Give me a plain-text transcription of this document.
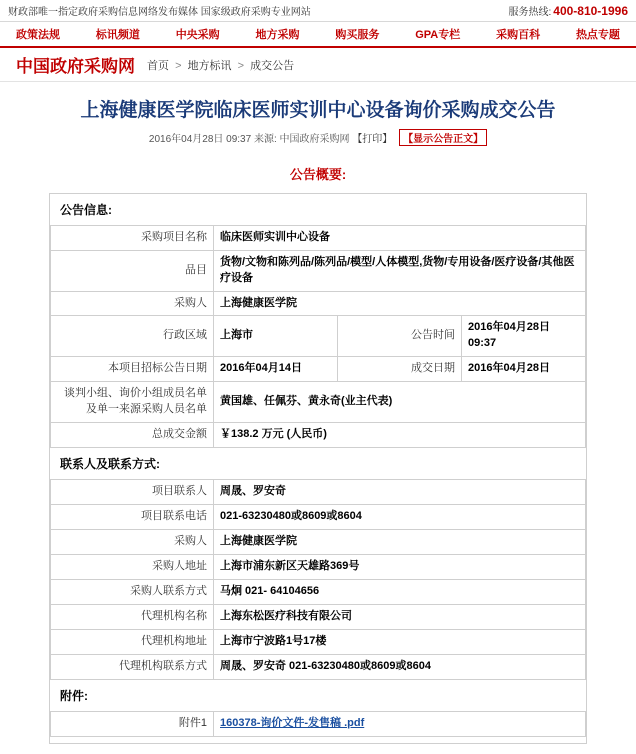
财政部唯一指定政府采购信息网络发布媒体 国家级政府采购专业网站	服务热线: 400-810-1996
政策法规	标讯频道	中央采购	地方采购	购买服务	GPA专栏	采购百科	热点专题
中国政府采购网 首页 > 地方标讯 > 成交公告
上海健康医学院临床医师实训中心设备询价采购成交公告
2016年04月28日 09:37 来源: 中国政府采购网 【打印】 【显示公告正文】
公告概要:
公告信息:
采购项目名称	临床医师实训中心设备		
品目	货物/文物和陈列品/陈列品/模型/人体模型,货物/专用设备/医疗设备/其他医疗设备		
采购人	上海健康医学院		
行政区域	上海市	公告时间	2016年04月28日 09:37
本项目招标公告日期	2016年04月14日	成交日期	2016年04月28日
谈判小组、询价小组成员名单及单一来源采购人员名单	黄国雄、任佩芬、黄永奇(业主代表)		
总成交金额	￥138.2 万元 (人民币)		
联系人及联系方式:
项目联系人	周晟、罗安奇
项目联系电话	021-63230480或8609或8604
采购人	上海健康医学院
采购人地址	上海市浦东新区天雄路369号
采购人联系方式	马炯 021- 64104656
代理机构名称	上海东松医疗科技有限公司
代理机构地址	上海市宁波路1号17楼
代理机构联系方式	周晟、罗安奇 021-63230480或8609或8604
附件:
附件1	160378-询价文件-发售稿 .pdf
